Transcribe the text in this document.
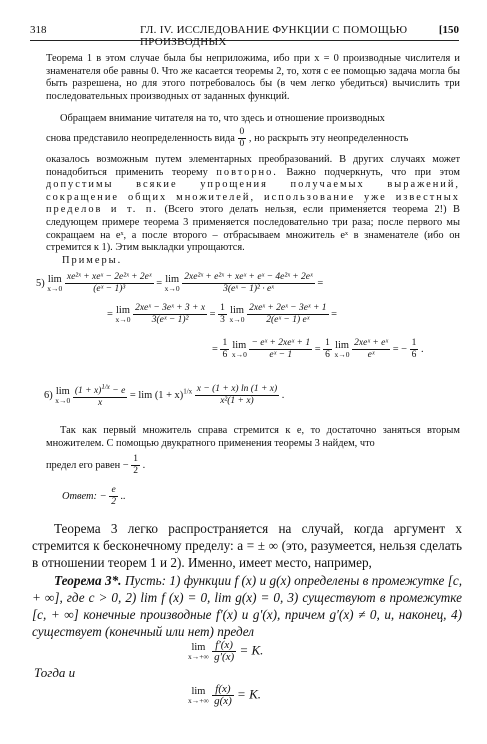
318	ГЛ. IV. ИССЛЕДОВАНИЕ ФУНКЦИИ С ПОМОЩЬЮ ПРОИЗВОДНЫХ
[150

Теорема 1 в этом случае была бы неприложима, ибо при x = 0 производные числителя и знаменателя обе равны 0. Что же касается теоремы 2, то, хотя с ее помощью задача могла бы быть разрешена, но для этого потребовалось бы (в чем легко убедиться) вычислить три последовательных производных от заданных функций.

Обращаем внимание читателя на то, что здесь и отношение производных

снова представило неопределенность вида $\frac{0}{0}$ , но раскрыть эту неопределенность

оказалось возможным путем элементарных преобразований. В других случаях может понадобиться применить теорему повторно. Важно подчеркнуть, что при этом допустимы всякие упрощения получаемых выражений, сокращение общих множителей, использование уже известных пределов и т. п. (Всего этого делать нельзя, если применяется теорема 2!) В следующем примере теорема 3 применяется последовательно три раза; после первого мы сокращаем на eˣ, а после второго – отбрасываем множитель eˣ в знаменателе (ибо он стремится к 1). Этим выкладки упрощаются.

Примеры.
5) lim
x→0

xe²ˣ + xeˣ − 2e²ˣ + 2eˣ
(eˣ − 1)³
= lim
x→0

2xe²ˣ + e²ˣ + xeˣ + eˣ − 4e²ˣ + 2eˣ
3(eˣ − 1)² · eˣ
=
= lim
x→0

2xeˣ − 3eˣ + 3 + x
3(eˣ − 1)²
= $\frac{1}{3}$ lim
x→0

2xeˣ + 2eˣ − 3eˣ + 1
2(eˣ − 1) eˣ
=
= $\frac{1}{6}$ lim
x→0

− eˣ + 2xeˣ + 1
eˣ − 1
= $\frac{1}{6}$ lim
x→0

2xeˣ + eˣ
eˣ
= − $\frac{1}{6}$ .
6) lim
x→0
$\frac{(1 + x)^{1/x} - e}{x} = \lim (1 + x)^{1/x} \frac{x - (1 + x) \ln (1 + x)}{\text{x²(1 + x)}}$ .

Так как первый множитель справа стремится к e, то достаточно заняться вторым множителем. С помощью двукратного применения теоремы 3 найдем, что

предел его равен − $\frac{1}{2}$ .
Ответ: − $\frac{e}{2}$ ..

Теорема 3 легко распространяется на случай, когда аргумент x стремится к бесконечному пределу: a = ± ∞ (это, разумеется, нельзя сделать в отношении теорем 1 и 2). Именно, имеет место, например,

Теорема 3*. Пусть: 1) функции f (x) и g(x) определены в промежутке [c, + ∞], где c > 0, 2) lim f (x) = 0, lim g(x) = 0, 3) существуют в промежутке [c, + ∞] конечные производные f′(x) и g′(x), причем g′(x) ≠ 0, и, наконец, 4) существует (конечный или нет) предел

lim
x→+∞
$\frac{f'(x)}{g'(x)} = K$.
Тогда и
lim
x→+∞
$\frac{f(x)}{g(x)} = K$.
